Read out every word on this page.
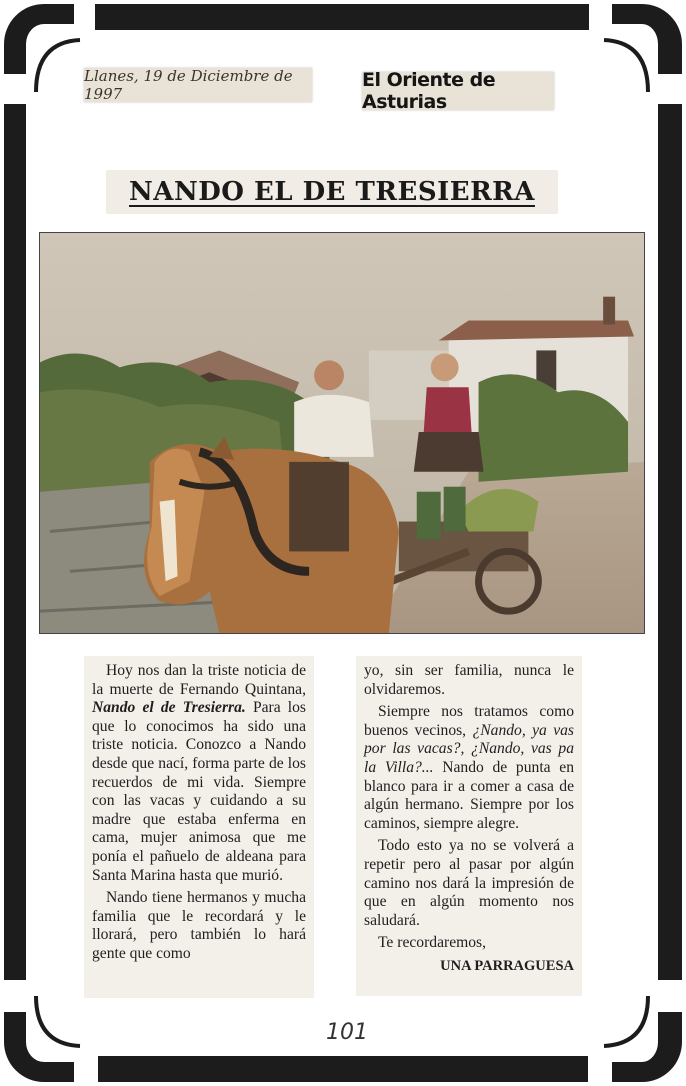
Llanes, 19 de Diciembre de 1997
El Oriente de Asturias
NANDO EL DE TRESIERRA

Hoy nos dan la triste noticia de la muerte de Fernando Quintana, Nando el de Tresierra. Para los que lo conocimos ha sido una triste noticia. Conozco a Nando desde que nací, forma parte de los recuerdos de mi vida. Siempre con las vacas y cuidando a su madre que estaba enferma en cama, mujer animosa que me ponía el pañuelo de aldeana para Santa Marina hasta que murió.

Nando tiene hermanos y mucha familia que le recordará y le llorará, pero también lo hará gente que como

yo, sin ser familia, nunca le olvidaremos.

Siempre nos tratamos como buenos vecinos, ¿Nando, ya vas por las vacas?, ¿Nando, vas pa la Villa?... Nando de punta en blanco para ir a comer a casa de algún hermano. Siempre por los caminos, siempre alegre.

Todo esto ya no se volverá a repetir pero al pasar por algún camino nos dará la impresión de que en algún momento nos saludará.

Te recordaremos,

UNA PARRAGUESA
101
